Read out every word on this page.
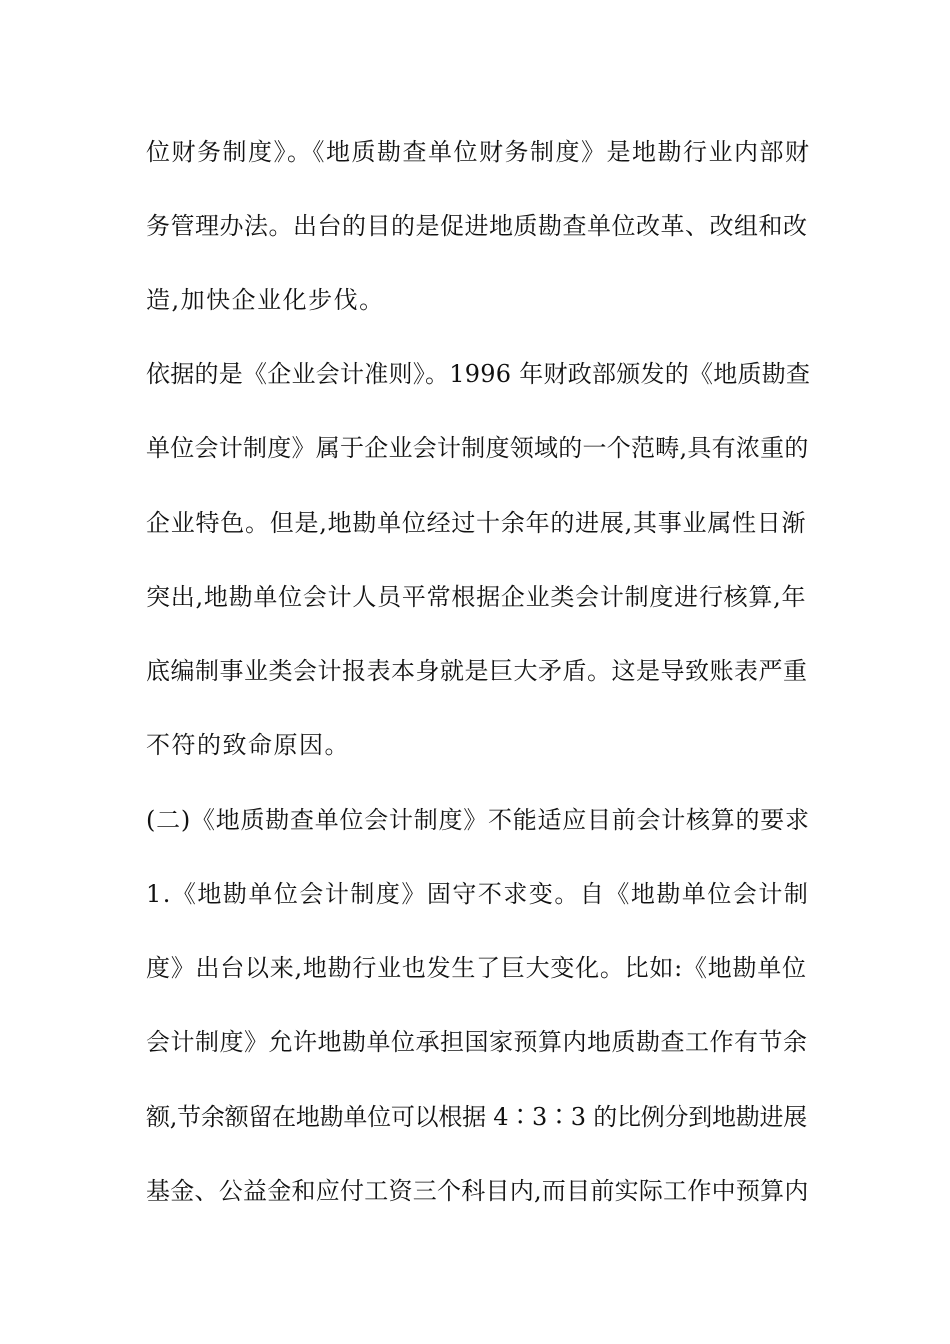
位财务制度》。《地质勘查单位财务制度》是地勘行业内部财
务管理办法。出台的目的是促进地质勘查单位改革、改组和改
造,加快企业化步伐。
依据的是《企业会计准则》。1996 年财政部颁发的《地质勘查
单位会计制度》属于企业会计制度领域的一个范畴,具有浓重的
企业特色。但是,地勘单位经过十余年的进展,其事业属性日渐
突出,地勘单位会计人员平常根据企业类会计制度进行核算,年
底编制事业类会计报表本身就是巨大矛盾。这是导致账表严重
不符的致命原因。
(二)《地质勘查单位会计制度》不能适应目前会计核算的要求
1.《地勘单位会计制度》固守不求变。自《地勘单位会计制
度》出台以来,地勘行业也发生了巨大变化。比如:《地勘单位
会计制度》允许地勘单位承担国家预算内地质勘查工作有节余
额,节余额留在地勘单位可以根据 4∶3∶3 的比例分到地勘进展
基金、公益金和应付工资三个科目内,而目前实际工作中预算内
